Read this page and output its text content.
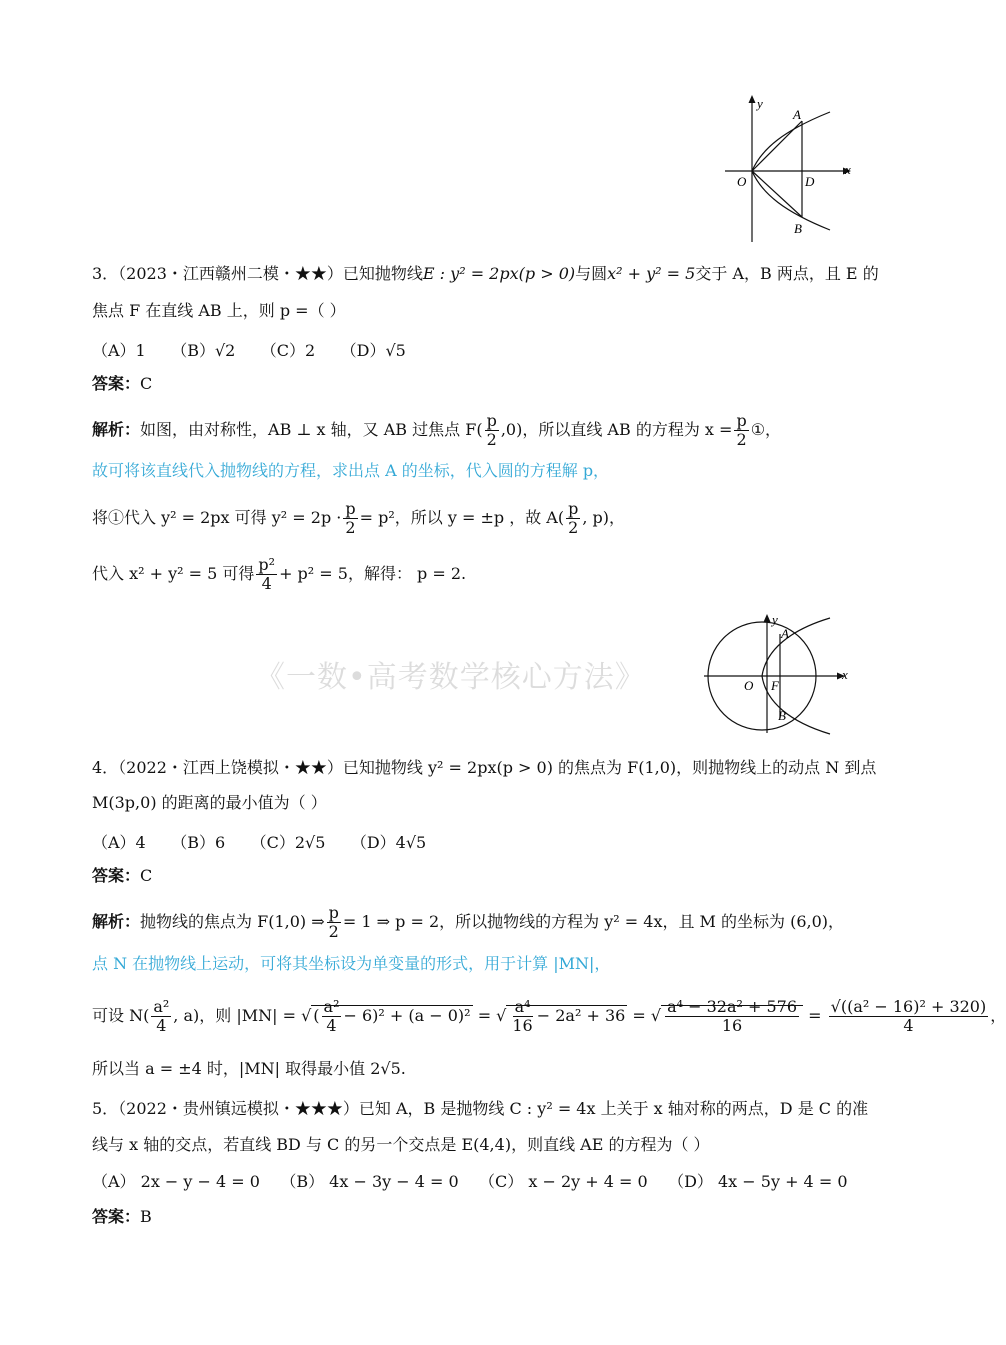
y
x
O
A
D
B
3．（2023・江西赣州二模・★★）已知抛物线E : y² = 2px(p > 0)与圆x² + y² = 5交于 A，B 两点，且 E 的
焦点 F 在直线 AB 上，则 p =（ ）
（A）1 （B）√2 （C）2 （D）√5
答案：C
解析：如图，由对称性，AB ⊥ x 轴，又 AB 过焦点 $F( \frac{p}{2} ,0)$，所以直线 AB 的方程为 $x = \frac{p}{2}$ ①，
故可将该直线代入抛物线的方程，求出点 A 的坐标，代入圆的方程解 p，
将①代入 y² = 2px 可得 $y^2 = 2p \cdot \frac{p}{2} = p^2$，所以 y = ±p ，故 $A( \frac{p}{2}$ , p)，
代入 x² + y² = 5 可得 $\frac{\text{p²}}{4} + p^2 = 5$，解得： p = 2.
《一数•高考数学核心方法》
y
x
O F
A
B
4．（2022・江西上饶模拟・★★）已知抛物线 y² = 2px(p > 0) 的焦点为 F(1,0)，则抛物线上的动点 N 到点
M(3p,0) 的距离的最小值为（ ）
（A）4 （B）6 （C）2√5 （D）4√5
答案：C
解析：抛物线的焦点为 F(1,0) ⇒ $\frac{p}{2} = 1$ ⇒ p = 2，所以抛物线的方程为 y² = 4x，且 M 的坐标为 (6,0)，
点 N 在抛物线上运动，可将其坐标设为单变量的形式，用于计算 |MN|，
可设 $N( \frac{\text{a²}}{4}$ , a)，则 |MN| = √ ( $\frac{\text{a²}}{4} - 6)^2 + (a - 0)^2$ = √ $\frac{\text{a⁴}}{16} - 2a^2 + 36$ = √ $\frac{\text{a⁴ − 32a² + 576}}{16} = \frac{\text{√((a² − 16)² + 320)}}{4}$ ，
所以当 a = ±4 时，|MN| 取得最小值 2√5.
5．（2022・贵州镇远模拟・★★★）已知 A，B 是抛物线 C : y² = 4x 上关于 x 轴对称的两点，D 是 C 的准
线与 x 轴的交点，若直线 BD 与 C 的另一个交点是 E(4,4)，则直线 AE 的方程为（ ）
（A） 2x − y − 4 = 0 （B） 4x − 3y − 4 = 0 （C） x − 2y + 4 = 0 （D） 4x − 5y + 4 = 0
答案：B
